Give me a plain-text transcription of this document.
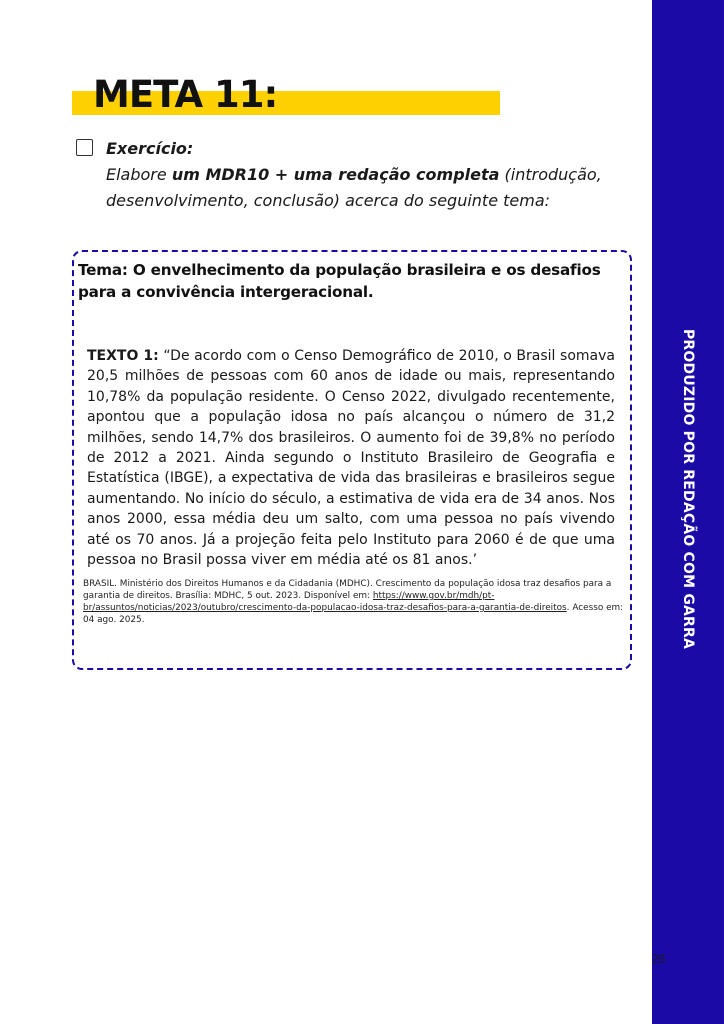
PRODUZIDO POR REDAÇÃO COM GARRA
26
META 11:
Exercício:
Elabore um MDR10 + uma redação completa (introdução, desenvolvimento, conclusão) acerca do seguinte tema:

Tema: O envelhecimento da população brasileira e os desafios para a convivência intergeracional.

TEXTO 1: “De acordo com o Censo Demográfico de 2010, o Brasil somava 20,5 milhões de pessoas com 60 anos de idade ou mais, representando 10,78% da população residente. O Censo 2022, divulgado recentemente, apontou que a população idosa no país alcançou o número de 31,2 milhões, sendo 14,7% dos brasileiros. O aumento foi de 39,8% no período de 2012 a 2021. Ainda segundo o Instituto Brasileiro de Geografia e Estatística (IBGE), a expectativa de vida das brasileiras e brasileiros segue aumentando. No início do século, a estimativa de vida era de 34 anos. Nos anos 2000, essa média deu um salto, com uma pessoa no país vivendo até os 70 anos. Já a projeção feita pelo Instituto para 2060 é de que uma pessoa no Brasil possa viver em média até os 81 anos.’

BRASIL. Ministério dos Direitos Humanos e da Cidadania (MDHC). Crescimento da população idosa traz desafios para a garantia de direitos. Brasília: MDHC, 5 out. 2023. Disponível em: https://www.gov.br/mdh/pt-br/assuntos/noticias/2023/outubro/crescimento-da-populacao-idosa-traz-desafios-para-a-garantia-de-direitos. Acesso em: 04 ago. 2025.
